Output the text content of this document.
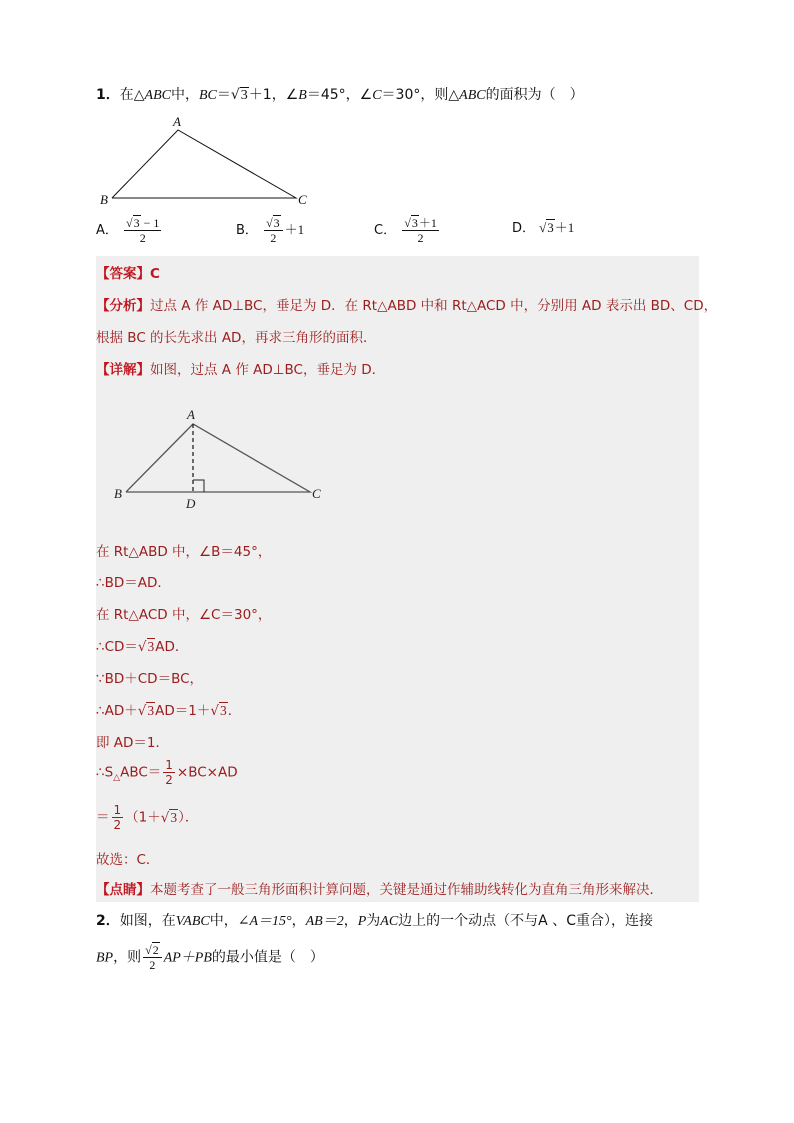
1．在△ABC中，BC＝√3＋1，∠B＝45°，∠C＝30°，则△ABC的面积为（　）
A
B	C
A． $\frac{√3 - 1}{2}$	B． $\frac{√3}{2} +1$	C． $\frac{√3+1}{2}$	D． √3＋1
【答案】C
【分析】过点 A 作 AD⊥BC，垂足为 D．在 Rt△ABD 中和 Rt△ACD 中，分别用 AD 表示出 BD、CD，
根据 BC 的长先求出 AD，再求三角形的面积．
【详解】如图，过点 A 作 AD⊥BC，垂足为 D．
A
B	C
D
在 Rt△ABD 中，∠B＝45°，
∴BD＝AD．
在 Rt△ACD 中，∠C＝30°，
∴CD＝√3AD．
∵BD＋CD＝BC，
∴AD＋√3AD＝1＋√3．
即 AD＝1．
$\therefore S_\triangle ABC= \frac{1}{2} \times BC\times AD$
＝ $\frac{1}{2} (1+√3)$．
故选：C．
【点睛】本题考查了一般三角形面积计算问题，关键是通过作辅助线转化为直角三角形来解决．
2．如图，在VABC中，∠A＝15°，AB＝2，P为AC边上的一个动点（不与A 、C重合），连接
BP，则 $\frac{√2}{2} AP+PB$的最小值是（　）
